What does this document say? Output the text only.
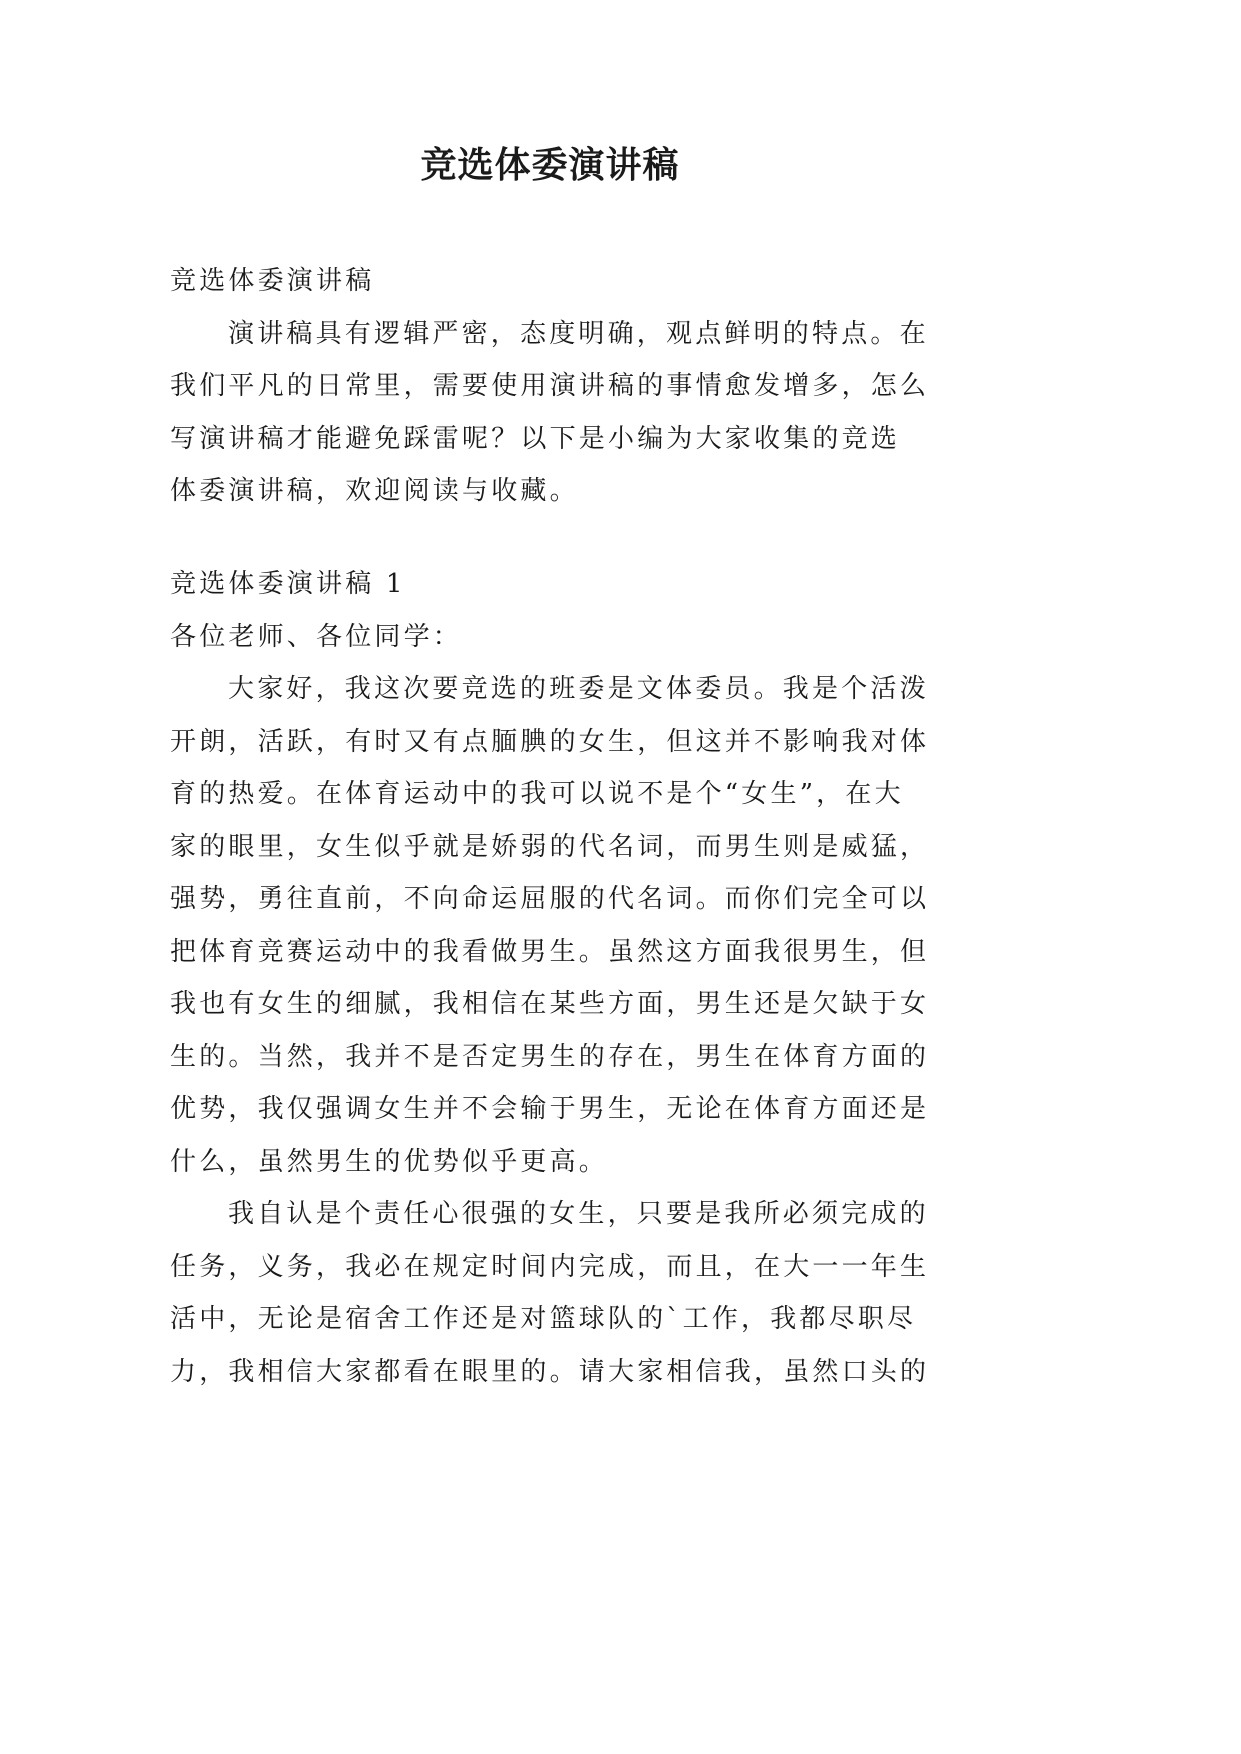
竞选体委演讲稿
竞选体委演讲稿
演讲稿具有逻辑严密，态度明确，观点鲜明的特点。在
我们平凡的日常里，需要使用演讲稿的事情愈发增多，怎么
写演讲稿才能避免踩雷呢？以下是小编为大家收集的竞选
体委演讲稿，欢迎阅读与收藏。
竞选体委演讲稿 1
各位老师、各位同学：
大家好，我这次要竞选的班委是文体委员。我是个活泼
开朗，活跃，有时又有点腼腆的女生，但这并不影响我对体
育的热爱。在体育运动中的我可以说不是个“女生”，在大
家的眼里，女生似乎就是娇弱的代名词，而男生则是威猛，
强势，勇往直前，不向命运屈服的代名词。而你们完全可以
把体育竞赛运动中的我看做男生。虽然这方面我很男生，但
我也有女生的细腻，我相信在某些方面，男生还是欠缺于女
生的。当然，我并不是否定男生的存在，男生在体育方面的
优势，我仅强调女生并不会输于男生，无论在体育方面还是
什么，虽然男生的优势似乎更高。
我自认是个责任心很强的女生，只要是我所必须完成的
任务，义务，我必在规定时间内完成，而且，在大一一年生
活中，无论是宿舍工作还是对篮球队的`工作，我都尽职尽
力，我相信大家都看在眼里的。请大家相信我，虽然口头的
